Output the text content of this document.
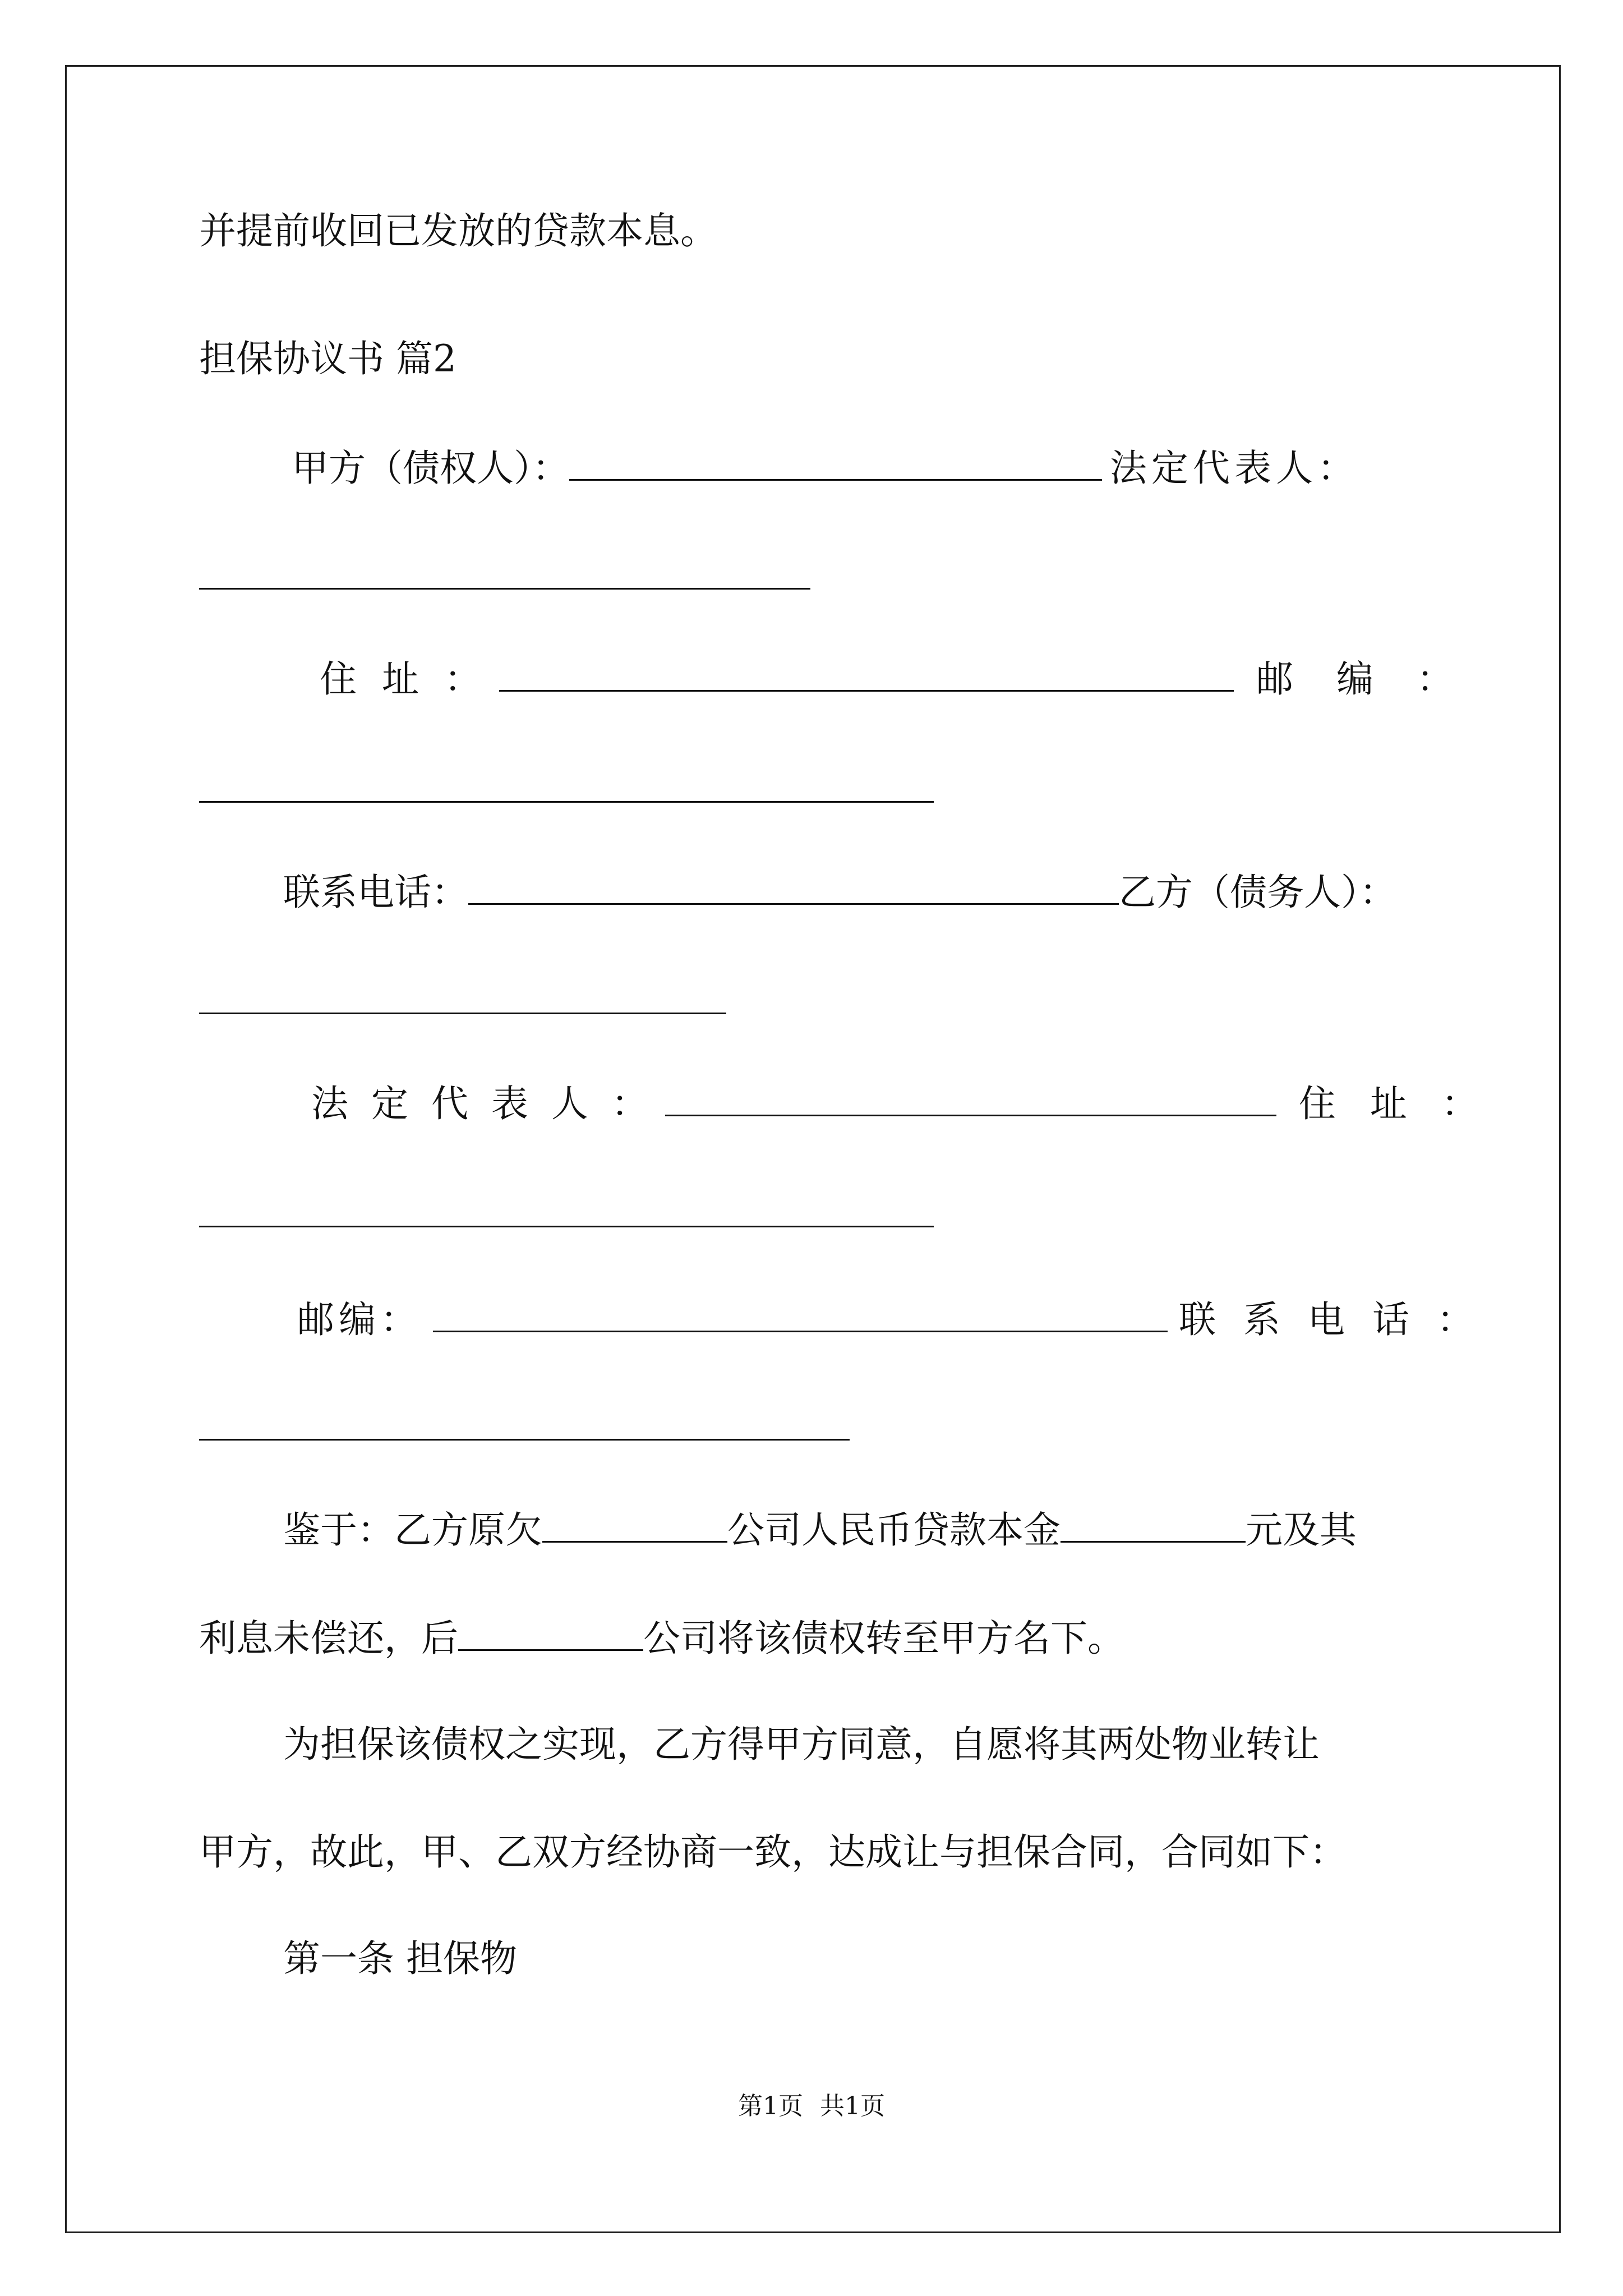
并提前收回已发放的贷款本息。

担保协议书 篇2

甲方（债权人）：	法定代表人：
住 址 ：	邮 编 ：
联系电话：	乙方（债务人）：
法 定 代 表 人 ：	住 址 ：
邮编：	联 系 电 话 ：
鉴于：乙方原欠	公司人民币贷款本金	元及其
利息未偿还，后	公司将该债权转至甲方名下。

为担保该债权之实现，乙方得甲方同意，自愿将其两处物业转让

甲方，故此，甲、乙双方经协商一致，达成让与担保合同，合同如下：

第一条 担保物

第1页 共1页
